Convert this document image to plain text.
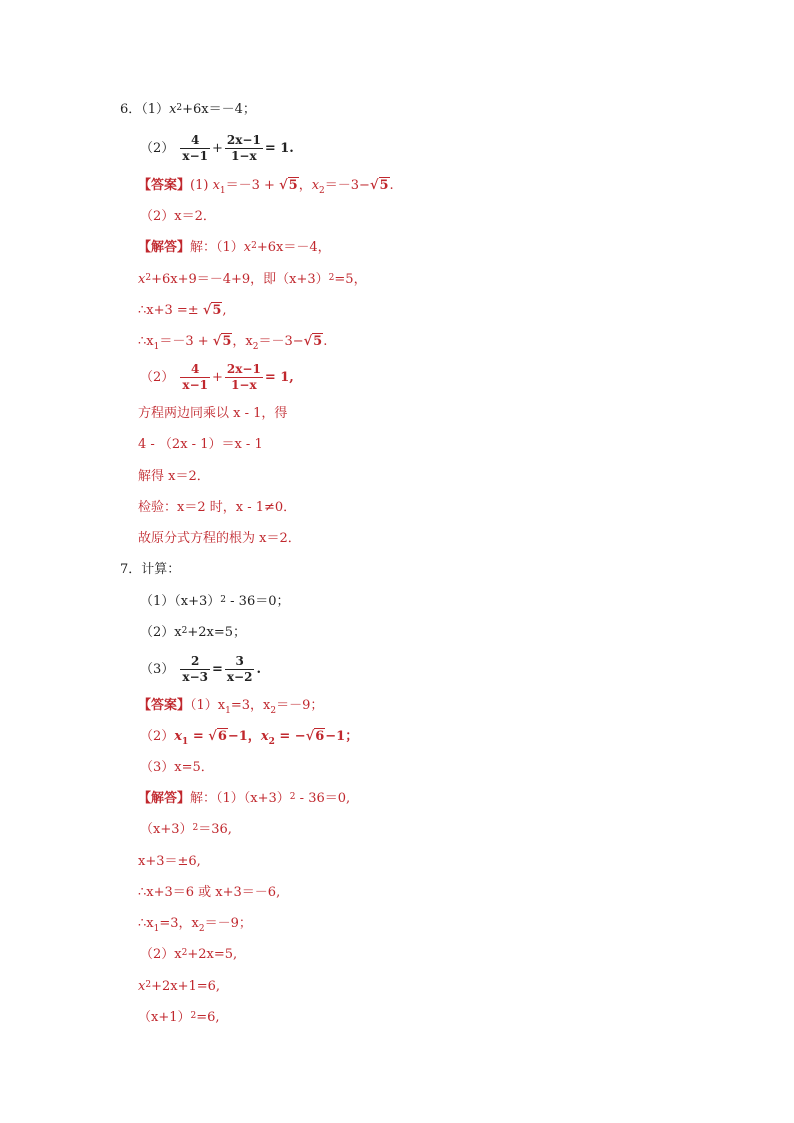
6．$(1)x^2+6x=-4$；
$(2) \frac{4}{x-1} + \frac{2x-1}{1-x} = 1$.
【答案】(1) $x_1=-3 + √5$，$x_2=-3-√5$.
（2）x＝2．
【解答】解：$(1)x^2+6x=-4$，
$x^2+6x+9=-4+9$，即$(x+3)^2=5$，
∴x+3 =± √5,
$\therefore x_1=-3 + √5$，$x_2=-3-√5$.
$(2) \frac{4}{x-1} + \frac{2x-1}{1-x} = 1$,
方程两边同乘以 x - 1，得
4 - （2x - 1）＝x - 1
解得 x＝2．
检验：x＝2 时，x - 1≠0．
故原分式方程的根为 x＝2．
7．计算：
$(1)(x+3)^2 - 36=0$；
$(2)x^2+2x=5$；
$(3) \frac{2}{x-3} = \frac{3}{x-2}$ .
【答案】$(1)x_1=3$，$x_2=-9$；
$(2)x_1 = √6-1$，$x_2 = -√6-1$；
（3）x=5．
【解答】解：$(1)(x+3)^2 - 36=0$,
$(x+3)^2=36$,
x+3＝±6,
∴x+3＝6 或 x+3＝－6,
$\therefore x_1=3$，$x_2=-9$；
$(2)x^2+2x=5$,
$x^2+2x+1=6$,
$(x+1)^2=6$,
